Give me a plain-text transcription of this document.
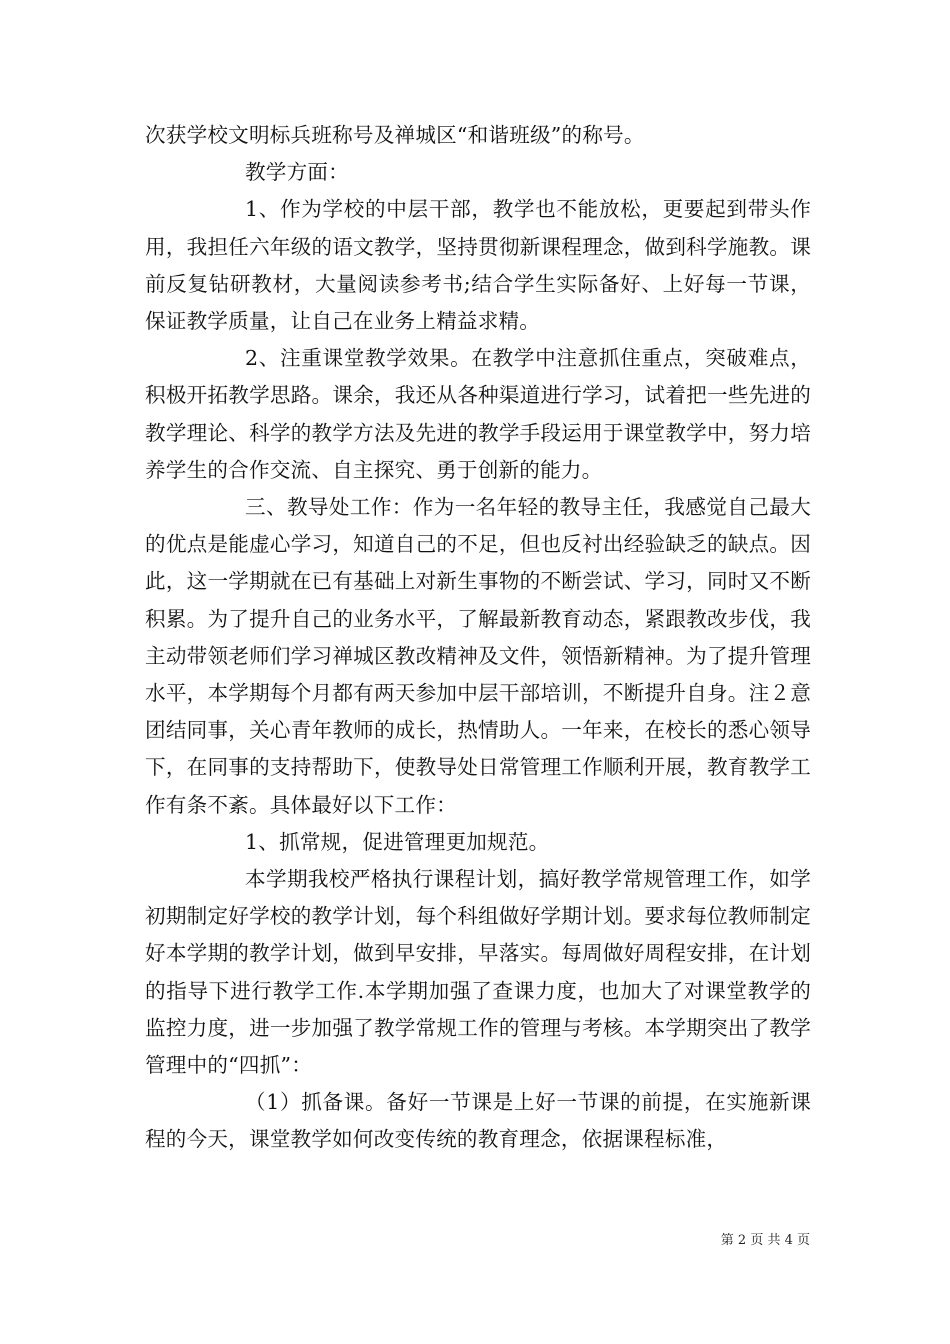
次获学校文明标兵班称号及禅城区“和谐班级”的称号。

教学方面：

1、作为学校的中层干部，教学也不能放松，更要起到带头作用，我担任六年级的语文教学，坚持贯彻新课程理念，做到科学施教。课前反复钻研教材，大量阅读参考书;结合学生实际备好、上好每一节课，保证教学质量，让自己在业务上精益求精。

2、注重课堂教学效果。在教学中注意抓住重点，突破难点，积极开拓教学思路。课余，我还从各种渠道进行学习，试着把一些先进的教学理论、科学的教学方法及先进的教学手段运用于课堂教学中，努力培养学生的合作交流、自主探究、勇于创新的能力。

三、教导处工作：作为一名年轻的教导主任，我感觉自己最大的优点是能虚心学习，知道自己的不足，但也反衬出经验缺乏的缺点。因此，这一学期就在已有基础上对新生事物的不断尝试、学习，同时又不断积累。为了提升自己的业务水平，了解最新教育动态，紧跟教改步伐，我主动带领老师们学习禅城区教改精神及文件，领悟新精神。为了提升管理水平，本学期每个月都有两天参加中层干部培训，不断提升自身。注２意团结同事，关心青年教师的成长，热情助人。一年来，在校长的悉心领导下，在同事的支持帮助下，使教导处日常管理工作顺利开展，教育教学工作有条不紊。具体最好以下工作：

1、抓常规，促进管理更加规范。

本学期我校严格执行课程计划，搞好教学常规管理工作，如学初期制定好学校的教学计划，每个科组做好学期计划。要求每位教师制定好本学期的教学计划，做到早安排，早落实。每周做好周程安排，在计划的指导下进行教学工作.本学期加强了查课力度，也加大了对课堂教学的监控力度，进一步加强了教学常规工作的管理与考核。本学期突出了教学管理中的“四抓”：

（1）抓备课。备好一节课是上好一节课的前提，在实施新课程的今天，课堂教学如何改变传统的教育理念，依据课程标准，

第 2 页 共 4 页
